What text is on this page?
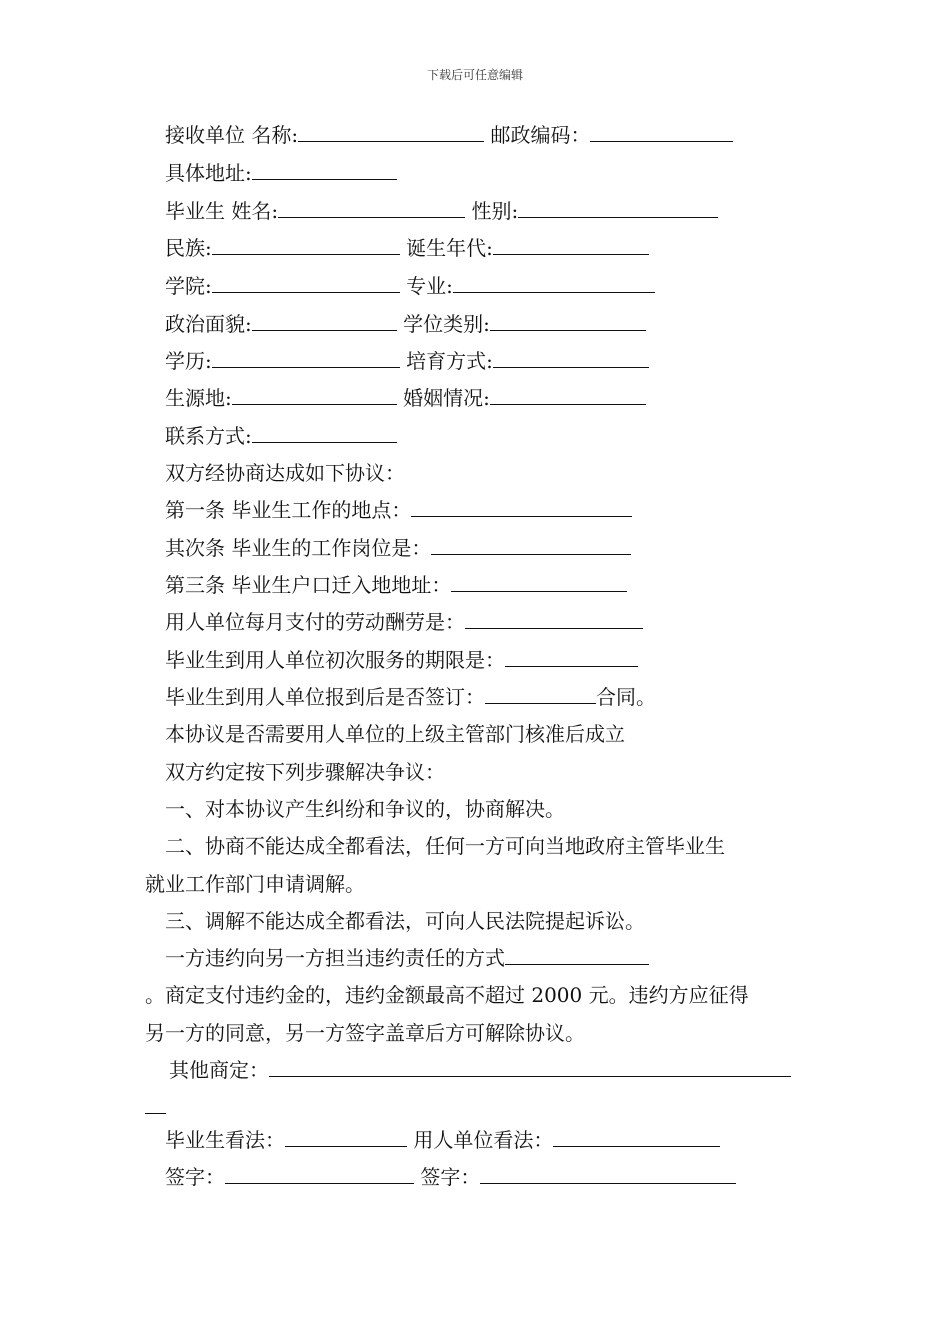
下载后可任意编辑
接收单位 名称:	邮政编码：
具体地址:
毕业生 姓名:	性别:
民族:	诞生年代:
学院:	专业:
政治面貌:	学位类别:
学历:	培育方式:
生源地:	婚姻情况:
联系方式:
双方经协商达成如下协议：
第一条 毕业生工作的地点：
其次条 毕业生的工作岗位是：
第三条 毕业生户口迁入地地址：
用人单位每月支付的劳动酬劳是：
毕业生到用人单位初次服务的期限是：
毕业生到用人单位报到后是否签订：	合同。
本协议是否需要用人单位的上级主管部门核准后成立
双方约定按下列步骤解决争议：
一、对本协议产生纠纷和争议的，协商解决。
二、协商不能达成全都看法，任何一方可向当地政府主管毕业生
就业工作部门申请调解。
三、调解不能达成全都看法，可向人民法院提起诉讼。
一方违约向另一方担当违约责任的方式
。商定支付违约金的，违约金额最高不超过 2000 元。违约方应征得
另一方的同意，另一方签字盖章后方可解除协议。
其他商定：
毕业生看法：	用人单位看法：
签字：	签字：
